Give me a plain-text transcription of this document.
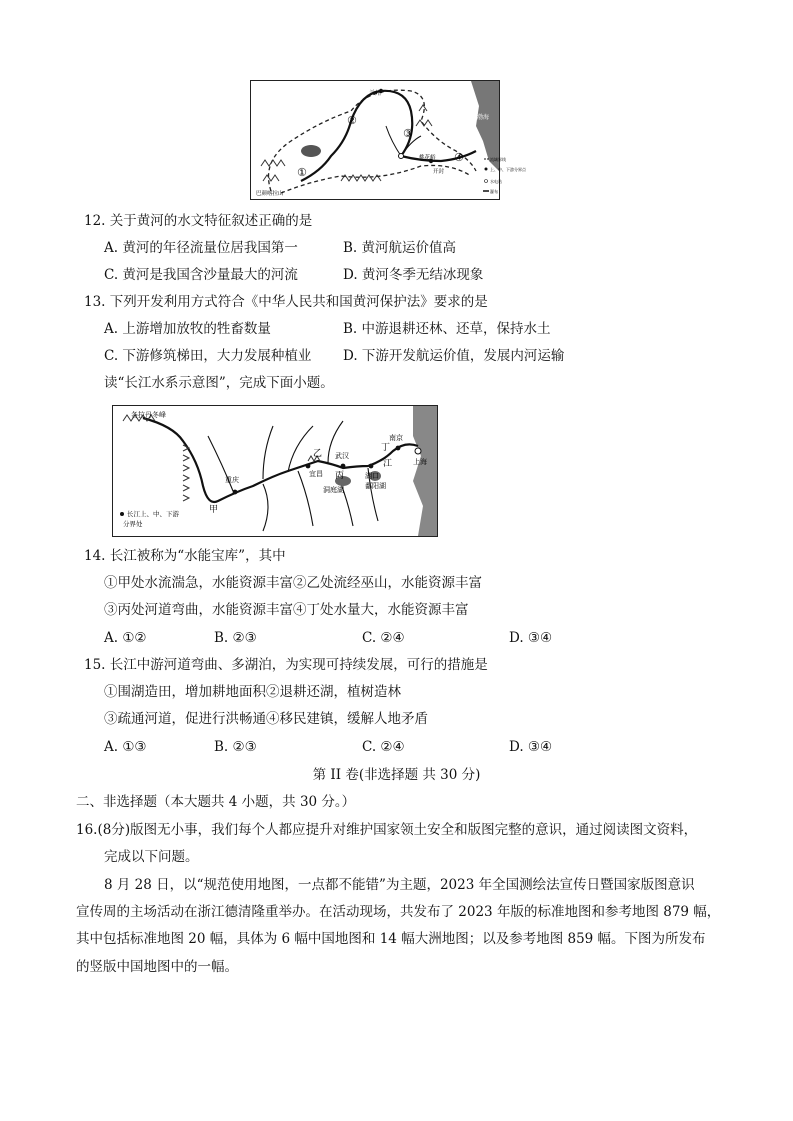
①
②
③
④
渤海
兰州
桃花峪
开封
巴颜喀拉山
流域界线
上、中、下游分界点
水电站
瀑布
12. 关于黄河的水文特征叙述正确的是
A. 黄河的年径流量位居我国第一	B. 黄河航运价值高
C. 黄河是我国含沙量最大的河流	D. 黄河冬季无结冰现象
13. 下列开发利用方式符合《中华人民共和国黄河保护法》要求的是
A. 上游增加放牧的牲畜数量	B. 中游退耕还林、还草，保持水土
C. 下游修筑梯田，大力发展种植业 D. 下游开发航运价值，发展内河运输
读“长江水系示意图”，完成下面小题。
各拉丹冬峰
重庆
宜昌
武汉
南京
上海
湖口
洞庭湖	鄱阳湖
甲
乙
丙
丁
江
长江上、中、下游
分界处
14. 长江被称为“水能宝库”，其中
①甲处水流湍急，水能资源丰富②乙处流经巫山，水能资源丰富
③丙处河道弯曲，水能资源丰富④丁处水量大，水能资源丰富
A. ①②	B. ②③	C. ②④	D. ③④
15. 长江中游河道弯曲、多湖泊，为实现可持续发展，可行的措施是
①围湖造田，增加耕地面积②退耕还湖，植树造林
③疏通河道，促进行洪畅通④移民建镇，缓解人地矛盾
A. ①③	B. ②③	C. ②④	D. ③④
第 II 卷(非选择题 共 30 分)
二、非选择题（本大题共 4 小题，共 30 分。）
16.(8分)版图无小事，我们每个人都应提升对维护国家领土安全和版图完整的意识，通过阅读图文资料，
完成以下问题。
8 月 28 日，以“规范使用地图，一点都不能错”为主题，2023 年全国测绘法宣传日暨国家版图意识
宣传周的主场活动在浙江德清隆重举办。在活动现场，共发布了 2023 年版的标准地图和参考地图 879 幅，
其中包括标准地图 20 幅，具体为 6 幅中国地图和 14 幅大洲地图；以及参考地图 859 幅。下图为所发布
的竖版中国地图中的一幅。
